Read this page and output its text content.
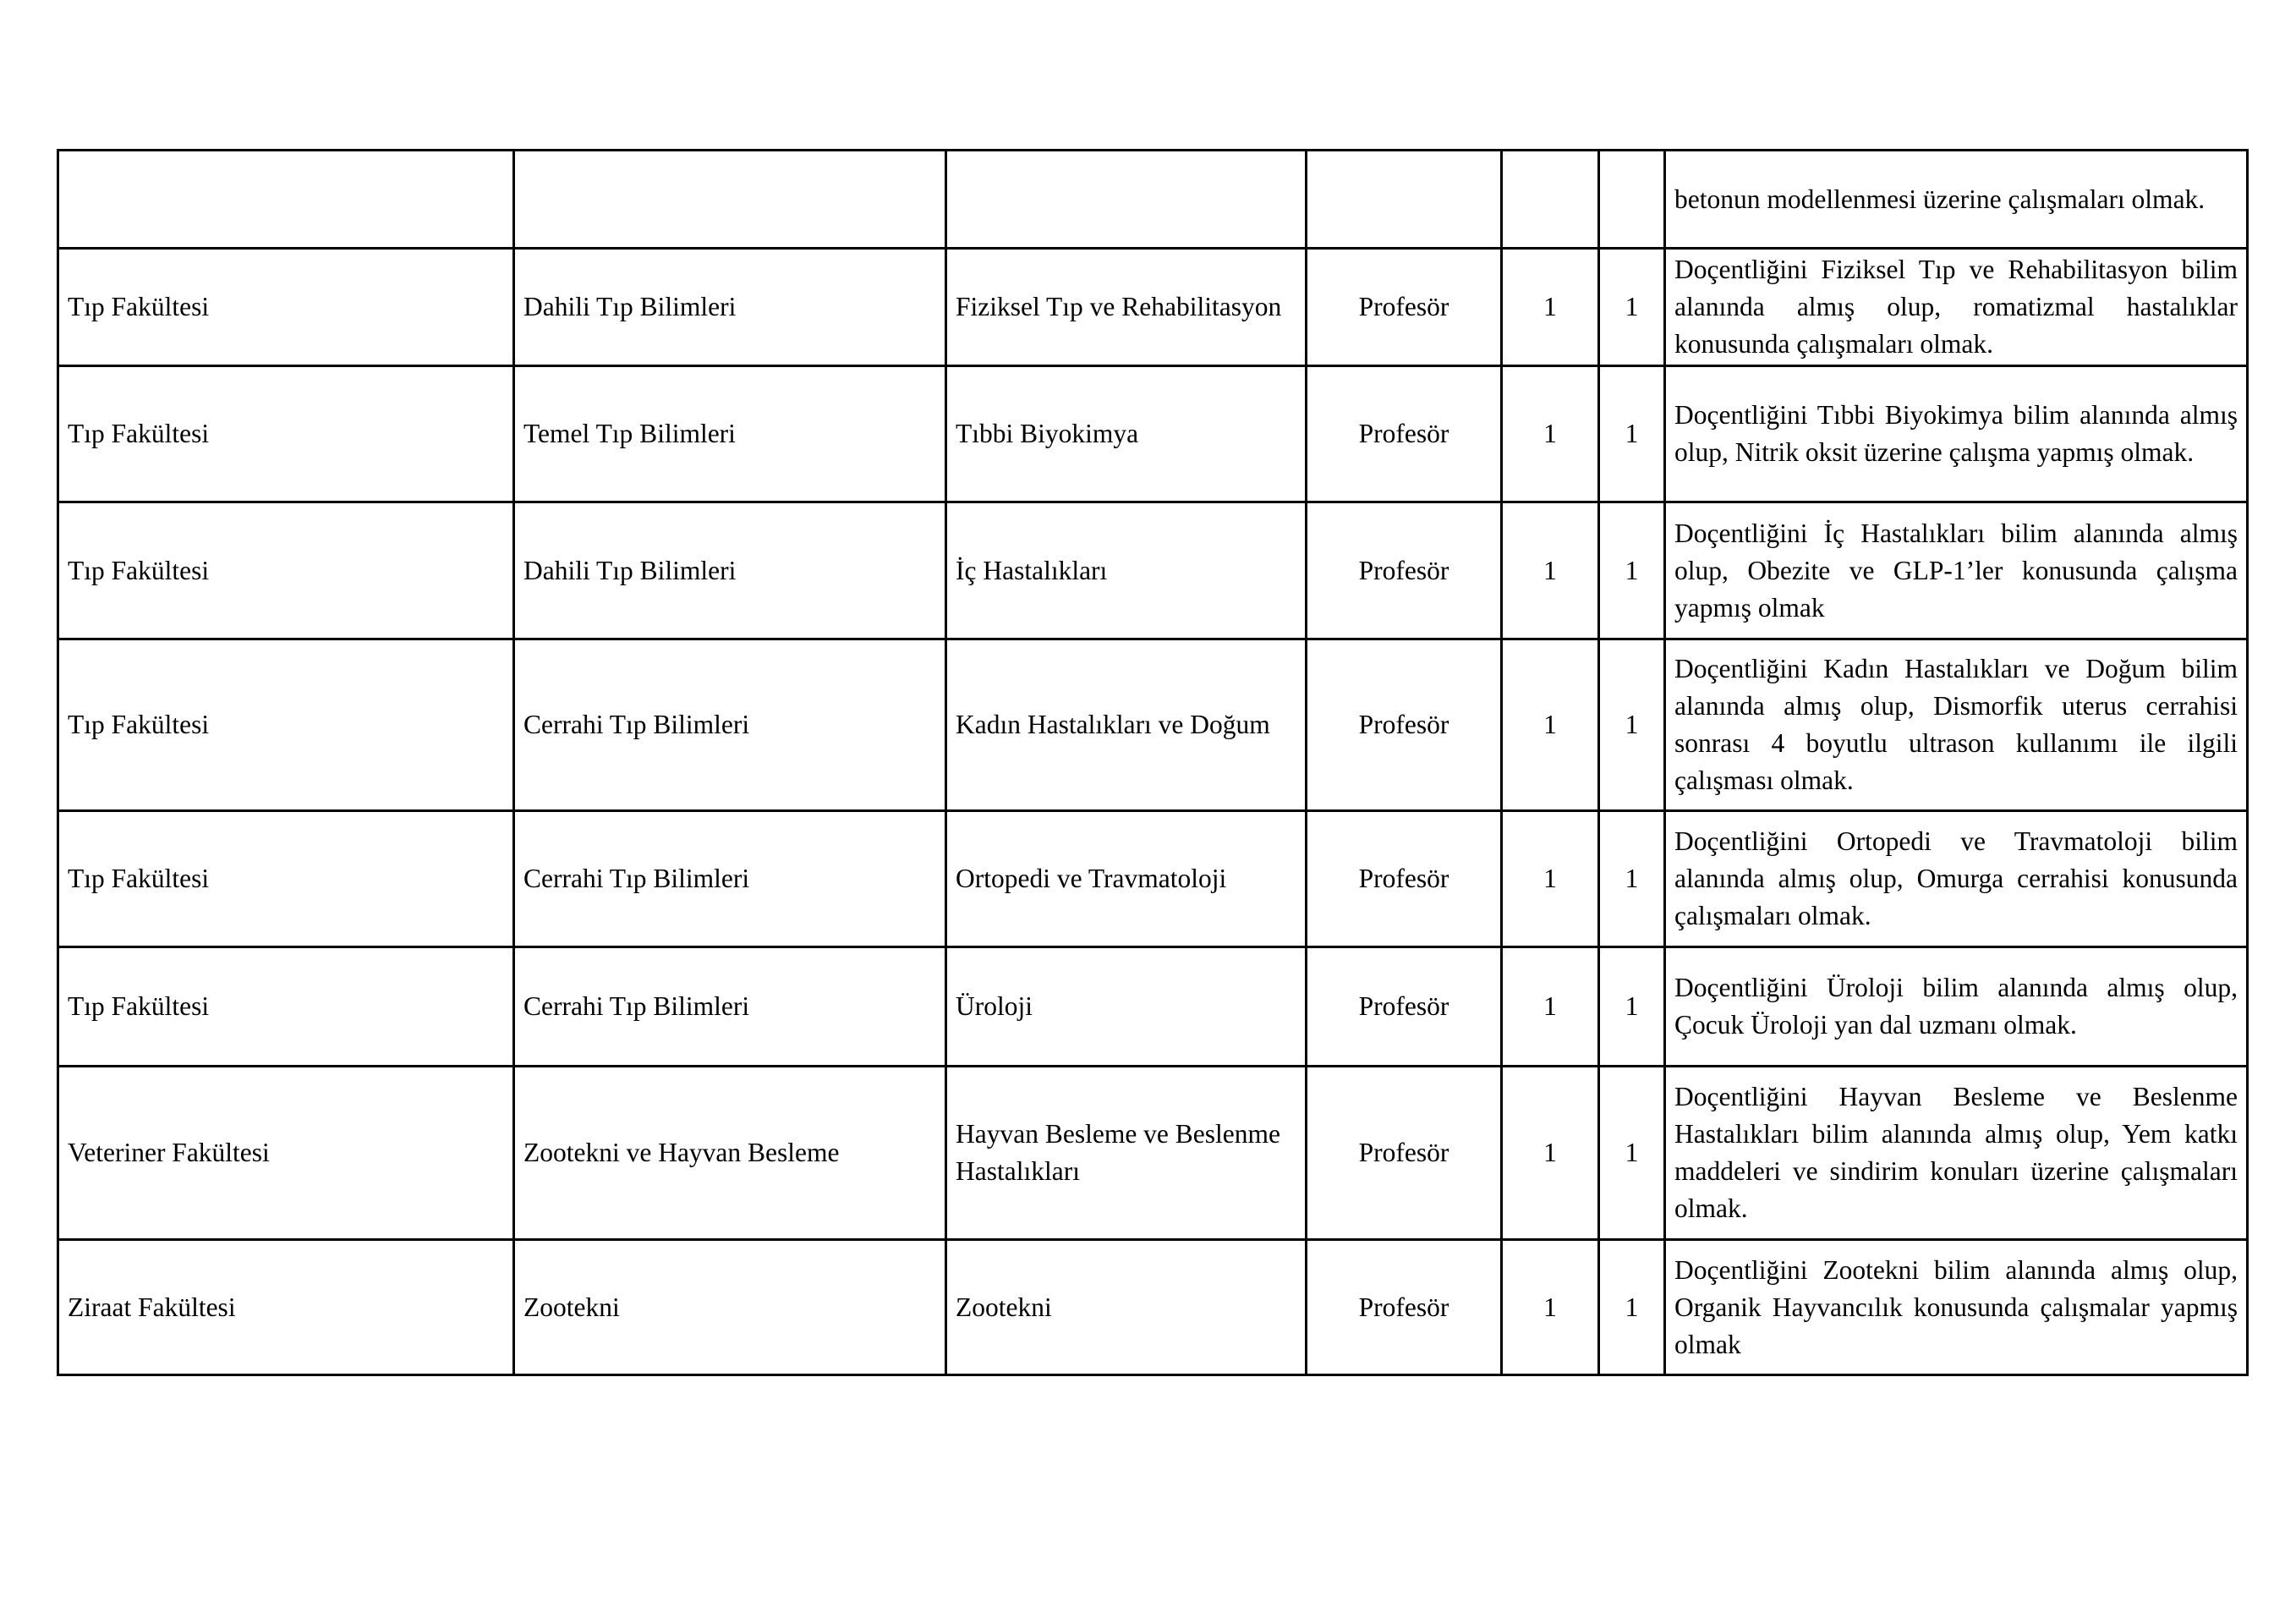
						betonun modellenmesi üzerine çalışmaları olmak.
Tıp Fakültesi	Dahili Tıp Bilimleri	Fiziksel Tıp ve Rehabilitasyon	Profesör	1	1	Doçentliğini Fiziksel Tıp ve Rehabilitasyon bilim alanında almış olup, romatizmal hastalıklar konusunda çalışmaları olmak.
Tıp Fakültesi	Temel Tıp Bilimleri	Tıbbi Biyokimya	Profesör	1	1	Doçentliğini Tıbbi Biyokimya bilim alanında almış olup, Nitrik oksit üzerine çalışma yapmış olmak.
Tıp Fakültesi	Dahili Tıp Bilimleri	İç Hastalıkları	Profesör	1	1	Doçentliğini İç Hastalıkları bilim alanında almış olup, Obezite ve GLP-1’ler konusunda çalışma yapmış olmak
Tıp Fakültesi	Cerrahi Tıp Bilimleri	Kadın Hastalıkları ve Doğum	Profesör	1	1	Doçentliğini Kadın Hastalıkları ve Doğum bilim alanında almış olup, Dismorfik uterus cerrahisi sonrası 4 boyutlu ultrason kullanımı ile ilgili çalışması olmak.
Tıp Fakültesi	Cerrahi Tıp Bilimleri	Ortopedi ve Travmatoloji	Profesör	1	1	Doçentliğini Ortopedi ve Travmatoloji bilim alanında almış olup, Omurga cerrahisi konusunda çalışmaları olmak.
Tıp Fakültesi	Cerrahi Tıp Bilimleri	Üroloji	Profesör	1	1	Doçentliğini Üroloji bilim alanında almış olup, Çocuk Üroloji yan dal uzmanı olmak.
Veteriner Fakültesi	Zootekni ve Hayvan Besleme	Hayvan Besleme ve Beslenme Hastalıkları	Profesör	1	1	Doçentliğini Hayvan Besleme ve Beslenme Hastalıkları bilim alanında almış olup, Yem katkı maddeleri ve sindirim konuları üzerine çalışmaları olmak.
Ziraat Fakültesi	Zootekni	Zootekni	Profesör	1	1	Doçentliğini Zootekni bilim alanında almış olup, Organik Hayvancılık konusunda çalışmalar yapmış olmak
